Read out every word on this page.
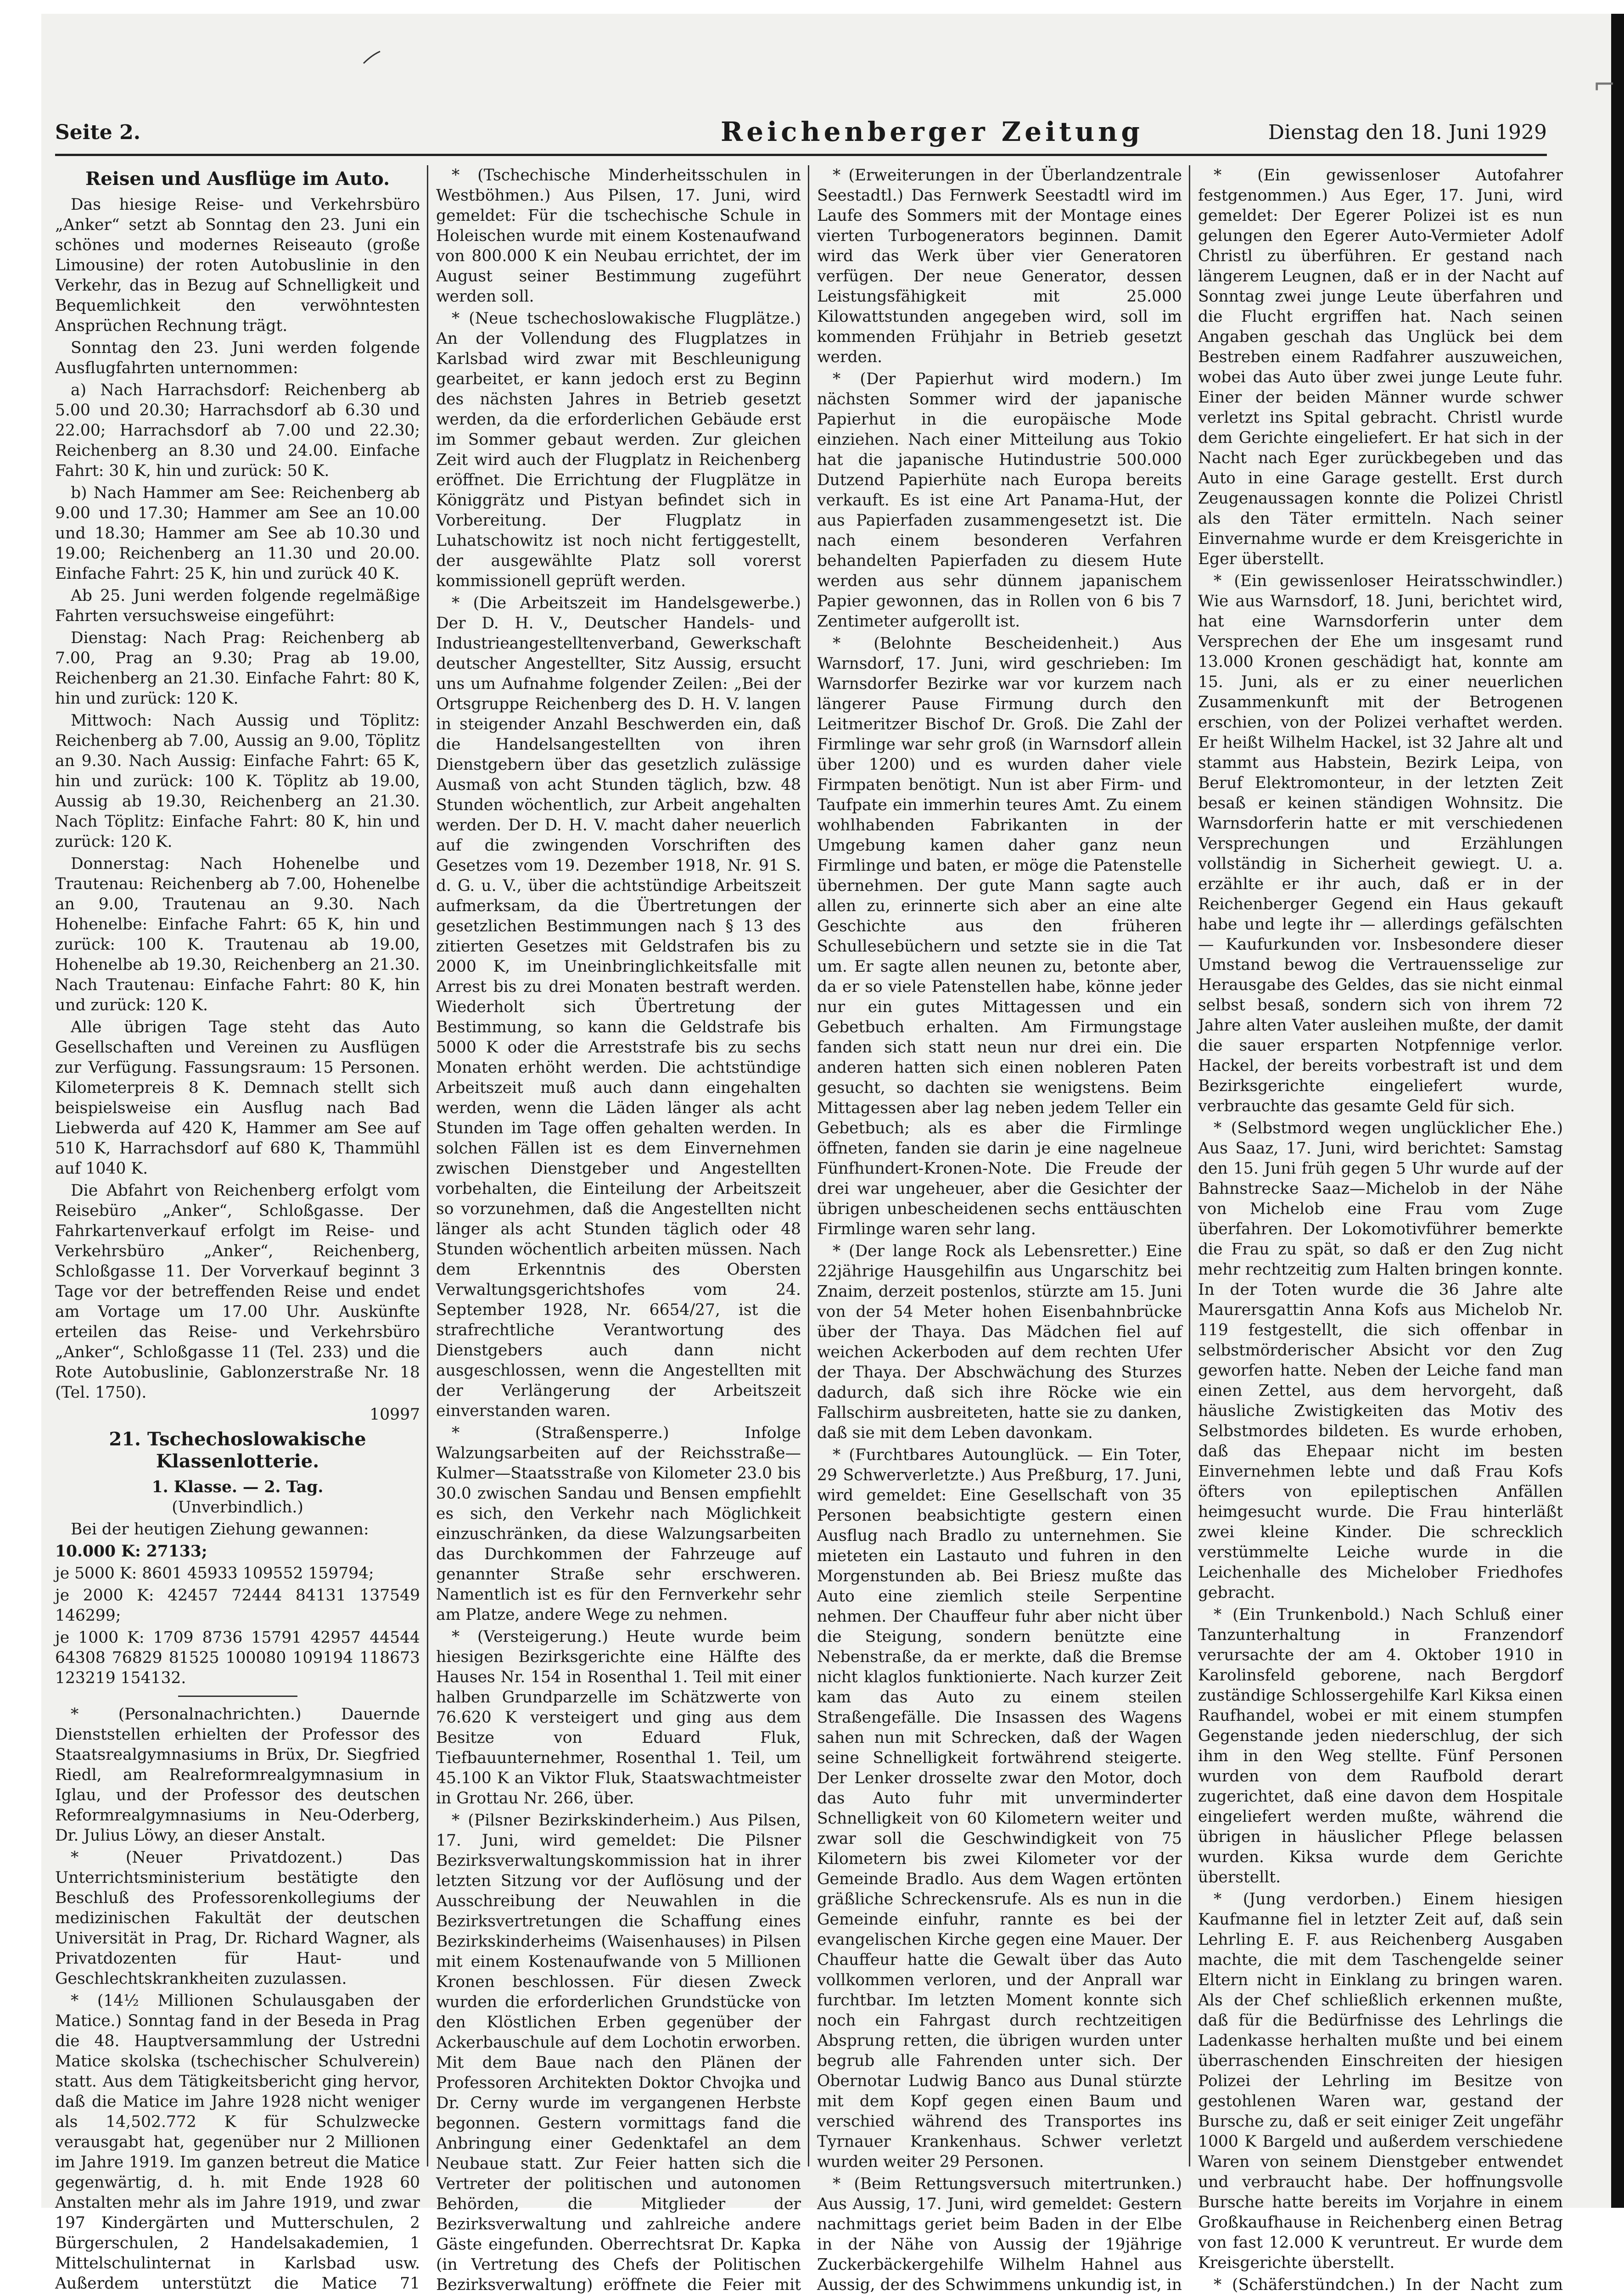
⌐
Seite 2.	Reichenberger Zeitung	Dienstag den 18. Juni 1929
Reisen und Ausflüge im Auto.

Das hiesige Reise- und Verkehrsbüro „Anker“ setzt ab Sonntag den 23. Juni ein schönes und modernes Reiseauto (große Limousine) der roten Autobuslinie in den Verkehr, das in Bezug auf Schnelligkeit und Bequemlichkeit den verwöhntesten Ansprüchen Rechnung trägt.

Sonntag den 23. Juni werden folgende Ausflugfahrten unternommen:

a) Nach Harrachsdorf: Reichenberg ab 5.00 und 20.30; Harrachsdorf ab 6.30 und 22.00; Harrachsdorf ab 7.00 und 22.30; Reichenberg an 8.30 und 24.00. Einfache Fahrt: 30 K, hin und zurück: 50 K.

b) Nach Hammer am See: Reichenberg ab 9.00 und 17.30; Hammer am See an 10.00 und 18.30; Hammer am See ab 10.30 und 19.00; Reichenberg an 11.30 und 20.00. Einfache Fahrt: 25 K, hin und zurück 40 K.

Ab 25. Juni werden folgende regelmäßige Fahrten versuchsweise eingeführt:

Dienstag: Nach Prag: Reichenberg ab 7.00, Prag an 9.30; Prag ab 19.00, Reichenberg an 21.30. Einfache Fahrt: 80 K, hin und zurück: 120 K.

Mittwoch: Nach Aussig und Töplitz: Reichenberg ab 7.00, Aussig an 9.00, Töplitz an 9.30. Nach Aussig: Einfache Fahrt: 65 K, hin und zurück: 100 K. Töplitz ab 19.00, Aussig ab 19.30, Reichenberg an 21.30. Nach Töplitz: Einfache Fahrt: 80 K, hin und zurück: 120 K.

Donnerstag: Nach Hohenelbe und Trautenau: Reichenberg ab 7.00, Hohenelbe an 9.00, Trautenau an 9.30. Nach Hohenelbe: Einfache Fahrt: 65 K, hin und zurück: 100 K. Trautenau ab 19.00, Hohenelbe ab 19.30, Reichenberg an 21.30. Nach Trautenau: Einfache Fahrt: 80 K, hin und zurück: 120 K.

Alle übrigen Tage steht das Auto Gesellschaften und Vereinen zu Ausflügen zur Verfügung. Fassungsraum: 15 Personen. Kilometerpreis 8 K. Demnach stellt sich beispielsweise ein Ausflug nach Bad Liebwerda auf 420 K, Hammer am See auf 510 K, Harrachsdorf auf 680 K, Thammühl auf 1040 K.

Die Abfahrt von Reichenberg erfolgt vom Reisebüro „Anker“, Schloßgasse. Der Fahrkartenverkauf erfolgt im Reise- und Verkehrsbüro „Anker“, Reichenberg, Schloßgasse 11. Der Vorverkauf beginnt 3 Tage vor der betreffenden Reise und endet am Vortage um 17.00 Uhr. Auskünfte erteilen das Reise- und Verkehrsbüro „Anker“, Schloßgasse 11 (Tel. 233) und die Rote Autobuslinie, Gablonzerstraße Nr. 18 (Tel. 1750).

10997
21. Tschechoslowakische Klassenlotterie.
1. Klasse. — 2. Tag.
(Unverbindlich.)

Bei der heutigen Ziehung gewannen:

10.000 K: 27133;

je 5000 K: 8601 45933 109552 159794;

je 2000 K: 42457 72444 84131 137549 146299;

je 1000 K: 1709 8736 15791 42957 44544 64308 76829 81525 100080 109194 118673 123219 154132.

* (Personalnachrichten.) Dauernde Dienststellen erhielten der Professor des Staatsrealgymnasiums in Brüx, Dr. Siegfried Riedl, am Realreformrealgymnasium in Iglau, und der Professor des deutschen Reformrealgymnasiums in Neu-Oderberg, Dr. Julius Löwy, an dieser Anstalt.

* (Neuer Privatdozent.) Das Unterrichtsministerium bestätigte den Beschluß des Professorenkollegiums der medizinischen Fakultät der deutschen Universität in Prag, Dr. Richard Wagner, als Privatdozenten für Haut- und Geschlechtskrankheiten zuzulassen.

* (14½ Millionen Schulausgaben der Matice.) Sonntag fand in der Beseda in Prag die 48. Hauptversammlung der Ustredni Matice skolska (tschechischer Schulverein) statt. Aus dem Tätigkeitsbericht ging hervor, daß die Matice im Jahre 1928 nicht weniger als 14,502.772 K für Schulzwecke verausgabt hat, gegenüber nur 2 Millionen im Jahre 1919. Im ganzen betreut die Matice gegenwärtig, d. h. mit Ende 1928 60 Anstalten mehr als im Jahre 1919, und zwar 197 Kindergärten und Mutterschulen, 2 Bürgerschulen, 2 Handelsakademien, 1 Mittelschulinternat in Karlsbad usw. Außerdem unterstützt die Matice 71

* (Tschechische Minderheitsschulen in Westböhmen.) Aus Pilsen, 17. Juni, wird gemeldet: Für die tschechische Schule in Holeischen wurde mit einem Kostenaufwand von 800.000 K ein Neubau errichtet, der im August seiner Bestimmung zugeführt werden soll.

* (Neue tschechoslowakische Flugplätze.) An der Vollendung des Flugplatzes in Karlsbad wird zwar mit Beschleunigung gearbeitet, er kann jedoch erst zu Beginn des nächsten Jahres in Betrieb gesetzt werden, da die erforderlichen Gebäude erst im Sommer gebaut werden. Zur gleichen Zeit wird auch der Flugplatz in Reichenberg eröffnet. Die Errichtung der Flugplätze in Königgrätz und Pistyan befindet sich in Vorbereitung. Der Flugplatz in Luhatschowitz ist noch nicht fertiggestellt, der ausgewählte Platz soll vorerst kommissionell geprüft werden.

* (Die Arbeitszeit im Handelsgewerbe.) Der D. H. V., Deutscher Handels- und Industrieangestelltenverband, Gewerkschaft deutscher Angestellter, Sitz Aussig, ersucht uns um Aufnahme folgender Zeilen: „Bei der Ortsgruppe Reichenberg des D. H. V. langen in steigender Anzahl Beschwerden ein, daß die Handelsangestellten von ihren Dienstgebern über das gesetzlich zulässige Ausmaß von acht Stunden täglich, bzw. 48 Stunden wöchentlich, zur Arbeit angehalten werden. Der D. H. V. macht daher neuerlich auf die zwingenden Vorschriften des Gesetzes vom 19. Dezember 1918, Nr. 91 S. d. G. u. V., über die achtstündige Arbeitszeit aufmerksam, da die Übertretungen der gesetzlichen Bestimmungen nach § 13 des zitierten Gesetzes mit Geldstrafen bis zu 2000 K, im Uneinbringlichkeitsfalle mit Arrest bis zu drei Monaten bestraft werden. Wiederholt sich Übertretung der Bestimmung, so kann die Geldstrafe bis 5000 K oder die Arreststrafe bis zu sechs Monaten erhöht werden. Die achtstündige Arbeitszeit muß auch dann eingehalten werden, wenn die Läden länger als acht Stunden im Tage offen gehalten werden. In solchen Fällen ist es dem Einvernehmen zwischen Dienstgeber und Angestellten vorbehalten, die Einteilung der Arbeitszeit so vorzunehmen, daß die Angestellten nicht länger als acht Stunden täglich oder 48 Stunden wöchentlich arbeiten müssen. Nach dem Erkenntnis des Obersten Verwaltungsgerichtshofes vom 24. September 1928, Nr. 6654/27, ist die strafrechtliche Verantwortung des Dienstgebers auch dann nicht ausgeschlossen, wenn die Angestellten mit der Verlängerung der Arbeitszeit einverstanden waren.

* (Straßensperre.) Infolge Walzungsarbeiten auf der Reichsstraße—Kulmer—Staatsstraße von Kilometer 23.0 bis 30.0 zwischen Sandau und Bensen empfiehlt es sich, den Verkehr nach Möglichkeit einzuschränken, da diese Walzungsarbeiten das Durchkommen der Fahrzeuge auf genannter Straße sehr erschweren. Namentlich ist es für den Fernverkehr sehr am Platze, andere Wege zu nehmen.

* (Versteigerung.) Heute wurde beim hiesigen Bezirksgerichte eine Hälfte des Hauses Nr. 154 in Rosenthal 1. Teil mit einer halben Grundparzelle im Schätzwerte von 76.620 K versteigert und ging aus dem Besitze von Eduard Fluk, Tiefbauunternehmer, Rosenthal 1. Teil, um 45.100 K an Viktor Fluk, Staatswachtmeister in Grottau Nr. 266, über.

* (Pilsner Bezirkskinderheim.) Aus Pilsen, 17. Juni, wird gemeldet: Die Pilsner Bezirksverwaltungskommission hat in ihrer letzten Sitzung vor der Auflösung und der Ausschreibung der Neuwahlen in die Bezirksvertretungen die Schaffung eines Bezirkskinderheims (Waisenhauses) in Pilsen mit einem Kostenaufwande von 5 Millionen Kronen beschlossen. Für diesen Zweck wurden die erforderlichen Grundstücke von den Klöstlichen Erben gegenüber der Ackerbauschule auf dem Lochotin erworben. Mit dem Baue nach den Plänen der Professoren Architekten Doktor Chvojka und Dr. Cerny wurde im vergangenen Herbste begonnen. Gestern vormittags fand die Anbringung einer Gedenktafel an dem Neubaue statt. Zur Feier hatten sich die Vertreter der politischen und autonomen Behörden, die Mitglieder der Bezirksverwaltung und zahlreiche andere Gäste eingefunden. Oberrechtsrat Dr. Kapka (in Vertretung des Chefs der Politischen Bezirksverwaltung) eröffnete die Feier mit

* (Erweiterungen in der Überlandzentrale Seestadtl.) Das Fernwerk Seestadtl wird im Laufe des Sommers mit der Montage eines vierten Turbogenerators beginnen. Damit wird das Werk über vier Generatoren verfügen. Der neue Generator, dessen Leistungsfähigkeit mit 25.000 Kilowattstunden angegeben wird, soll im kommenden Frühjahr in Betrieb gesetzt werden.

* (Der Papierhut wird modern.) Im nächsten Sommer wird der japanische Papierhut in die europäische Mode einziehen. Nach einer Mitteilung aus Tokio hat die japanische Hutindustrie 500.000 Dutzend Papierhüte nach Europa bereits verkauft. Es ist eine Art Panama-Hut, der aus Papierfaden zusammengesetzt ist. Die nach einem besonderen Verfahren behandelten Papierfaden zu diesem Hute werden aus sehr dünnem japanischem Papier gewonnen, das in Rollen von 6 bis 7 Zentimeter aufgerollt ist.

* (Belohnte Bescheidenheit.) Aus Warnsdorf, 17. Juni, wird geschrieben: Im Warnsdorfer Bezirke war vor kurzem nach längerer Pause Firmung durch den Leitmeritzer Bischof Dr. Groß. Die Zahl der Firmlinge war sehr groß (in Warnsdorf allein über 1200) und es wurden daher viele Firmpaten benötigt. Nun ist aber Firm- und Taufpate ein immerhin teures Amt. Zu einem wohlhabenden Fabrikanten in der Umgebung kamen daher ganz neun Firmlinge und baten, er möge die Patenstelle übernehmen. Der gute Mann sagte auch allen zu, erinnerte sich aber an eine alte Geschichte aus den früheren Schullesebüchern und setzte sie in die Tat um. Er sagte allen neunen zu, betonte aber, da er so viele Patenstellen habe, könne jeder nur ein gutes Mittagessen und ein Gebetbuch erhalten. Am Firmungstage fanden sich statt neun nur drei ein. Die anderen hatten sich einen nobleren Paten gesucht, so dachten sie wenigstens. Beim Mittagessen aber lag neben jedem Teller ein Gebetbuch; als es aber die Firmlinge öffneten, fanden sie darin je eine nagelneue Fünfhundert-Kronen-Note. Die Freude der drei war ungeheuer, aber die Gesichter der übrigen unbescheidenen sechs enttäuschten Firmlinge waren sehr lang.

* (Der lange Rock als Lebensretter.) Eine 22jährige Hausgehilfin aus Ungarschitz bei Znaim, derzeit postenlos, stürzte am 15. Juni von der 54 Meter hohen Eisenbahnbrücke über der Thaya. Das Mädchen fiel auf weichen Ackerboden auf dem rechten Ufer der Thaya. Der Abschwächung des Sturzes dadurch, daß sich ihre Röcke wie ein Fallschirm ausbreiteten, hatte sie zu danken, daß sie mit dem Leben davonkam.

* (Furchtbares Autounglück. — Ein Toter, 29 Schwerverletzte.) Aus Preßburg, 17. Juni, wird gemeldet: Eine Gesellschaft von 35 Personen beabsichtigte gestern einen Ausflug nach Bradlo zu unternehmen. Sie mieteten ein Lastauto und fuhren in den Morgenstunden ab. Bei Briesz mußte das Auto eine ziemlich steile Serpentine nehmen. Der Chauffeur fuhr aber nicht über die Steigung, sondern benützte eine Nebenstraße, da er merkte, daß die Bremse nicht klaglos funktionierte. Nach kurzer Zeit kam das Auto zu einem steilen Straßengefälle. Die Insassen des Wagens sahen nun mit Schrecken, daß der Wagen seine Schnelligkeit fortwährend steigerte. Der Lenker drosselte zwar den Motor, doch das Auto fuhr mit unverminderter Schnelligkeit von 60 Kilometern weiter und zwar soll die Geschwindigkeit von 75 Kilometern bis zwei Kilometer vor der Gemeinde Bradlo. Aus dem Wagen ertönten gräßliche Schreckensrufe. Als es nun in die Gemeinde einfuhr, rannte es bei der evangelischen Kirche gegen eine Mauer. Der Chauffeur hatte die Gewalt über das Auto vollkommen verloren, und der Anprall war furchtbar. Im letzten Moment konnte sich noch ein Fahrgast durch rechtzeitigen Absprung retten, die übrigen wurden unter begrub alle Fahrenden unter sich. Der Obernotar Ludwig Banco aus Dunal stürzte mit dem Kopf gegen einen Baum und verschied während des Transportes ins Tyrnauer Krankenhaus. Schwer verletzt wurden weiter 29 Personen.

* (Beim Rettungsversuch mitertrunken.) Aus Aussig, 17. Juni, wird gemeldet: Gestern nachmittags geriet beim Baden in der Elbe in der Nähe von Aussig der 19jährige Zuckerbäckergehilfe Wilhelm Hahnel aus Aussig, der des Schwimmens unkundig ist, in

* (Ein gewissenloser Autofahrer festgenommen.) Aus Eger, 17. Juni, wird gemeldet: Der Egerer Polizei ist es nun gelungen den Egerer Auto-Vermieter Adolf Christl zu überführen. Er gestand nach längerem Leugnen, daß er in der Nacht auf Sonntag zwei junge Leute überfahren und die Flucht ergriffen hat. Nach seinen Angaben geschah das Unglück bei dem Bestreben einem Radfahrer auszuweichen, wobei das Auto über zwei junge Leute fuhr. Einer der beiden Männer wurde schwer verletzt ins Spital gebracht. Christl wurde dem Gerichte eingeliefert. Er hat sich in der Nacht nach Eger zurückbegeben und das Auto in eine Garage gestellt. Erst durch Zeugenaussagen konnte die Polizei Christl als den Täter ermitteln. Nach seiner Einvernahme wurde er dem Kreisgerichte in Eger überstellt.

* (Ein gewissenloser Heiratsschwindler.) Wie aus Warnsdorf, 18. Juni, berichtet wird, hat eine Warnsdorferin unter dem Versprechen der Ehe um insgesamt rund 13.000 Kronen geschädigt hat, konnte am 15. Juni, als er zu einer neuerlichen Zusammenkunft mit der Betrogenen erschien, von der Polizei verhaftet werden. Er heißt Wilhelm Hackel, ist 32 Jahre alt und stammt aus Habstein, Bezirk Leipa, von Beruf Elektromonteur, in der letzten Zeit besaß er keinen ständigen Wohnsitz. Die Warnsdorferin hatte er mit verschiedenen Versprechungen und Erzählungen vollständig in Sicherheit gewiegt. U. a. erzählte er ihr auch, daß er in der Reichenberger Gegend ein Haus gekauft habe und legte ihr — allerdings gefälschten — Kaufurkunden vor. Insbesondere dieser Umstand bewog die Vertrauensselige zur Herausgabe des Geldes, das sie nicht einmal selbst besaß, sondern sich von ihrem 72 Jahre alten Vater ausleihen mußte, der damit die sauer ersparten Notpfennige verlor. Hackel, der bereits vorbestraft ist und dem Bezirksgerichte eingeliefert wurde, verbrauchte das gesamte Geld für sich.

* (Selbstmord wegen unglücklicher Ehe.) Aus Saaz, 17. Juni, wird berichtet: Samstag den 15. Juni früh gegen 5 Uhr wurde auf der Bahnstrecke Saaz—Michelob in der Nähe von Michelob eine Frau vom Zuge überfahren. Der Lokomotivführer bemerkte die Frau zu spät, so daß er den Zug nicht mehr rechtzeitig zum Halten bringen konnte. In der Toten wurde die 36 Jahre alte Maurersgattin Anna Kofs aus Michelob Nr. 119 festgestellt, die sich offenbar in selbstmörderischer Absicht vor den Zug geworfen hatte. Neben der Leiche fand man einen Zettel, aus dem hervorgeht, daß häusliche Zwistigkeiten das Motiv des Selbstmordes bildeten. Es wurde erhoben, daß das Ehepaar nicht im besten Einvernehmen lebte und daß Frau Kofs öfters von epileptischen Anfällen heimgesucht wurde. Die Frau hinterläßt zwei kleine Kinder. Die schrecklich verstümmelte Leiche wurde in die Leichenhalle des Michelober Friedhofes gebracht.

* (Ein Trunkenbold.) Nach Schluß einer Tanzunterhaltung in Franzendorf verursachte der am 4. Oktober 1910 in Karolinsfeld geborene, nach Bergdorf zuständige Schlossergehilfe Karl Kiksa einen Raufhandel, wobei er mit einem stumpfen Gegenstande jeden niederschlug, der sich ihm in den Weg stellte. Fünf Personen wurden von dem Raufbold derart zugerichtet, daß eine davon dem Hospitale eingeliefert werden mußte, während die übrigen in häuslicher Pflege belassen wurden. Kiksa wurde dem Gerichte überstellt.

* (Jung verdorben.) Einem hiesigen Kaufmanne fiel in letzter Zeit auf, daß sein Lehrling E. F. aus Reichenberg Ausgaben machte, die mit dem Taschengelde seiner Eltern nicht in Einklang zu bringen waren. Als der Chef schließlich erkennen mußte, daß für die Bedürfnisse des Lehrlings die Ladenkasse herhalten mußte und bei einem überraschenden Einschreiten der hiesigen Polizei der Lehrling im Besitze von gestohlenen Waren war, gestand der Bursche zu, daß er seit einiger Zeit ungefähr 1000 K Bargeld und außerdem verschiedene Waren von seinem Dienstgeber entwendet und verbraucht habe. Der hoffnungsvolle Bursche hatte bereits im Vorjahre in einem Großkaufhause in Reichenberg einen Betrag von fast 12.000 K veruntreut. Er wurde dem Kreisgerichte überstellt.

* (Schäferstündchen.) In der Nacht zum
